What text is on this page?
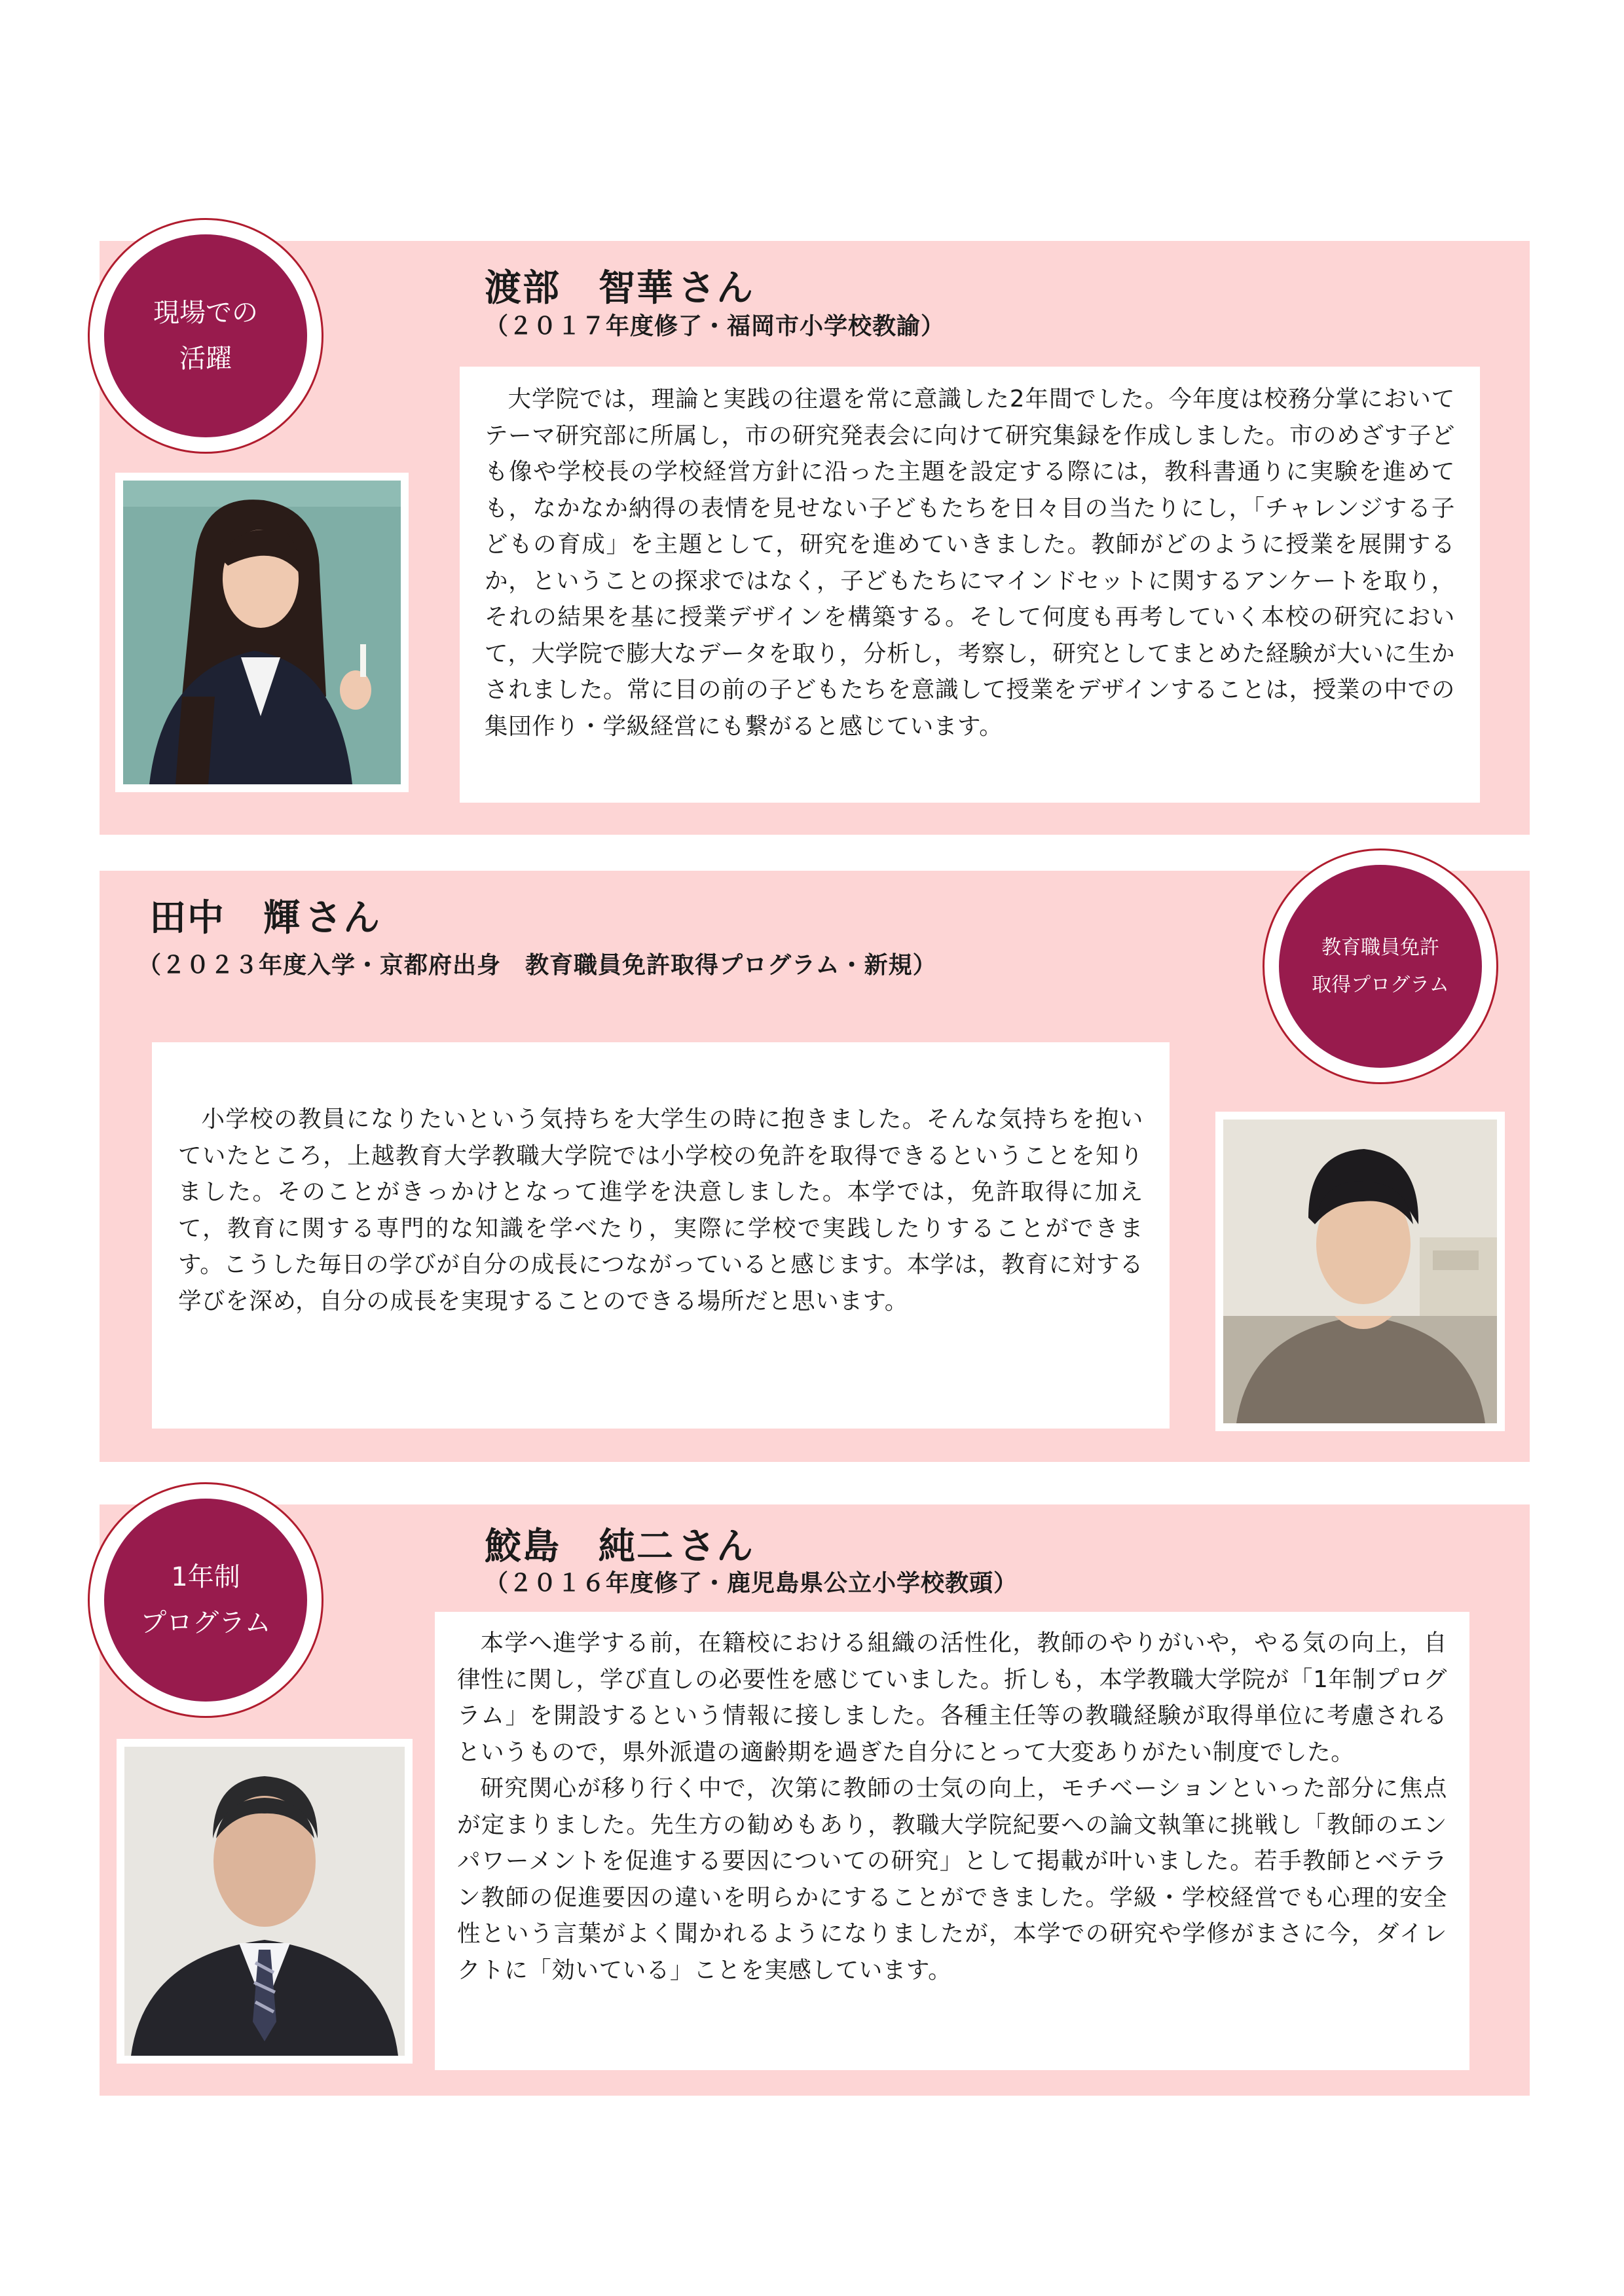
現場での
活躍
渡部　智華 さん
（２０１７年度修了・福岡市小学校教諭）

大学院では，理論と実践の往還を常に意識した2年間でした。今年度は校務分掌においてテーマ研究部に所属し，市の研究発表会に向けて研究集録を作成しました。市のめざす子ども像や学校長の学校経営方針に沿った主題を設定する際には，教科書通りに実験を進めても，なかなか納得の表情を見せない子どもたちを日々目の当たりにし，「チャレンジする子どもの育成」を主題として，研究を進めていきました。教師がどのように授業を展開するか，ということの探求ではなく，子どもたちにマインドセットに関するアンケートを取り，それの結果を基に授業デザインを構築する。そして何度も再考していく本校の研究において，大学院で膨大なデータを取り，分析し，考察し，研究としてまとめた経験が大いに生かされました。常に目の前の子どもたちを意識して授業をデザインすることは，授業の中での集団作り・学級経営にも繋がると感じています。

田中　輝 さん
（２０２３年度入学・京都府出身　教育職員免許取得プログラム・新規）
教育職員免許
取得プログラム

小学校の教員になりたいという気持ちを大学生の時に抱きました。そんな気持ちを抱いていたところ，上越教育大学教職大学院では小学校の免許を取得できるということを知りました。そのことがきっかけとなって進学を決意しました。本学では，免許取得に加えて，教育に関する専門的な知識を学べたり，実際に学校で実践したりすることができます。こうした毎日の学びが自分の成長につながっていると感じます。本学は，教育に対する学びを深め，自分の成長を実現することのできる場所だと思います。

1年制
プログラム
鮫島　純二 さん
（２０１６年度修了・鹿児島県公立小学校教頭）

本学へ進学する前，在籍校における組織の活性化，教師のやりがいや，やる気の向上，自律性に関し，学び直しの必要性を感じていました。折しも，本学教職大学院が「1年制プログラム」を開設するという情報に接しました。各種主任等の教職経験が取得単位に考慮されるというもので，県外派遣の適齢期を過ぎた自分にとって大変ありがたい制度でした。

研究関心が移り行く中で，次第に教師の士気の向上，モチベーションといった部分に焦点が定まりました。先生方の勧めもあり，教職大学院紀要への論文執筆に挑戦し「教師のエンパワーメントを促進する要因についての研究」として掲載が叶いました。若手教師とベテラン教師の促進要因の違いを明らかにすることができました。学級・学校経営でも心理的安全性という言葉がよく聞かれるようになりましたが，本学での研究や学修がまさに今，ダイレクトに「効いている」ことを実感しています。
